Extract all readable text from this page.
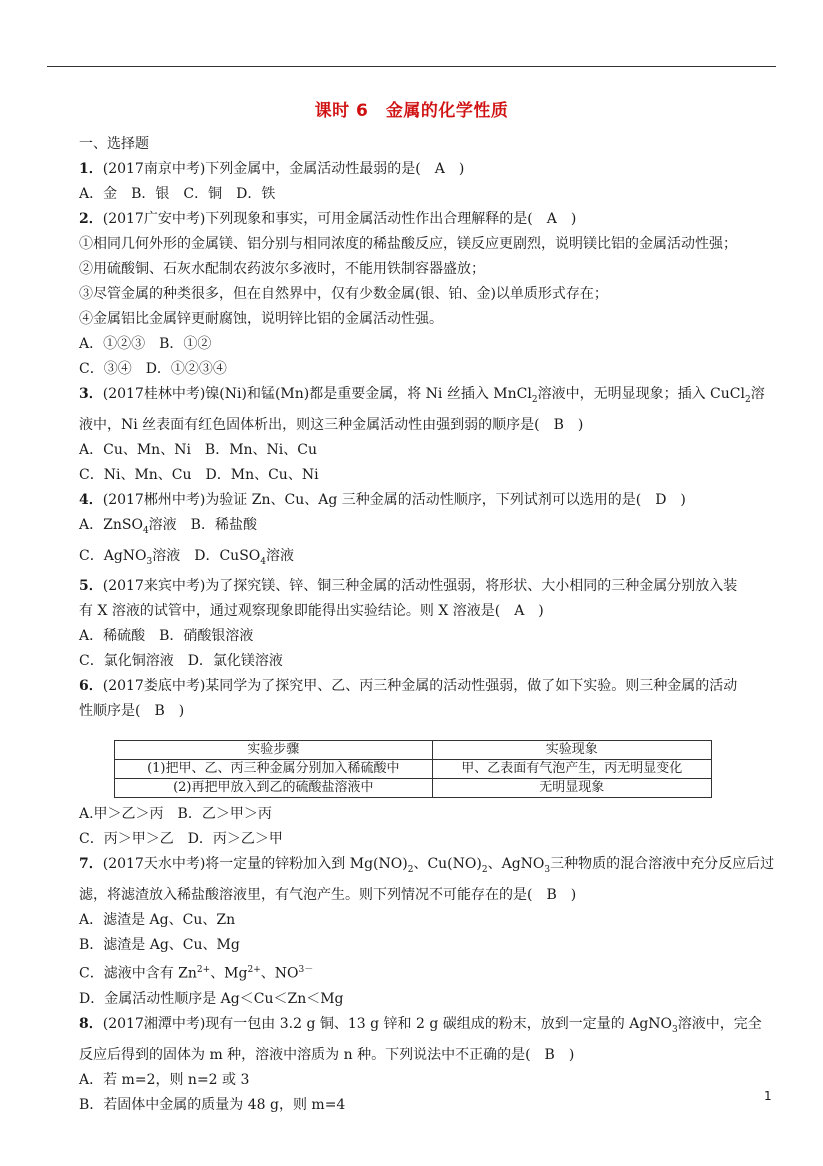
课时 6　金属的化学性质
一、选择题
1．(2017南京中考)下列金属中，金属活动性最弱的是(　A　)
A．金　B．银　C．铜　D．铁
2．(2017广安中考)下列现象和事实，可用金属活动性作出合理解释的是(　A　)
①相同几何外形的金属镁、铝分别与相同浓度的稀盐酸反应，镁反应更剧烈，说明镁比铝的金属活动性强；
②用硫酸铜、石灰水配制农药波尔多液时，不能用铁制容器盛放；
③尽管金属的种类很多，但在自然界中，仅有少数金属(银、铂、金)以单质形式存在；
④金属铝比金属锌更耐腐蚀，说明锌比铝的金属活动性强。
A．①②③　B．①②
C．③④　D．①②③④
3．(2017桂林中考)镍(Ni)和锰(Mn)都是重要金属，将 Ni 丝插入 MnCl$_2$溶液中，无明显现象；插入 CuCl$_2$溶
液中，Ni 丝表面有红色固体析出，则这三种金属活动性由强到弱的顺序是(　B　)
A．Cu、Mn、Ni　B．Mn、Ni、Cu
C．Ni、Mn、Cu　D．Mn、Cu、Ni
4．(2017郴州中考)为验证 Zn、Cu、Ag 三种金属的活动性顺序，下列试剂可以选用的是(　D　)
A．ZnSO$_4$溶液　B．稀盐酸
C．AgNO$_3$溶液　D．CuSO$_4$溶液
5．(2017来宾中考)为了探究镁、锌、铜三种金属的活动性强弱，将形状、大小相同的三种金属分别放入装
有 X 溶液的试管中，通过观察现象即能得出实验结论。则 X 溶液是(　A　)
A．稀硫酸　B．硝酸银溶液
C．氯化铜溶液　D．氯化镁溶液
6．(2017娄底中考)某同学为了探究甲、乙、丙三种金属的活动性强弱，做了如下实验。则三种金属的活动
性顺序是(　B　)
实验步骤	实验现象
(1)把甲、乙、丙三种金属分别加入稀硫酸中	甲、乙表面有气泡产生，丙无明显变化
(2)再把甲放入到乙的硫酸盐溶液中	无明显现象
A.甲＞乙＞丙　B．乙＞甲＞丙
C．丙＞甲＞乙　D．丙＞乙＞甲
7．(2017天水中考)将一定量的锌粉加入到 $Mg(NO)_2$、$Cu(NO)_2$、AgNO$_3$三种物质的混合溶液中充分反应后过
滤，将滤渣放入稀盐酸溶液里，有气泡产生。则下列情况不可能存在的是(　B　)
A．滤渣是 Ag、Cu、Zn
B．滤渣是 Ag、Cu、Mg
C．滤液中含有 $Zn^{2+}$、$Mg^{2+}$、$NO^{3-}$
D．金属活动性顺序是 Ag＜Cu＜Zn＜Mg
8．(2017湘潭中考)现有一包由 3.2 g 铜、13 g 锌和 2 g 碳组成的粉末，放到一定量的 AgNO$_3$溶液中，完全
反应后得到的固体为 m 种，溶液中溶质为 n 种。下列说法中不正确的是(　B　)
A．若 m=2，则 n=2 或 3
B．若固体中金属的质量为 48 g，则 m=4
1
